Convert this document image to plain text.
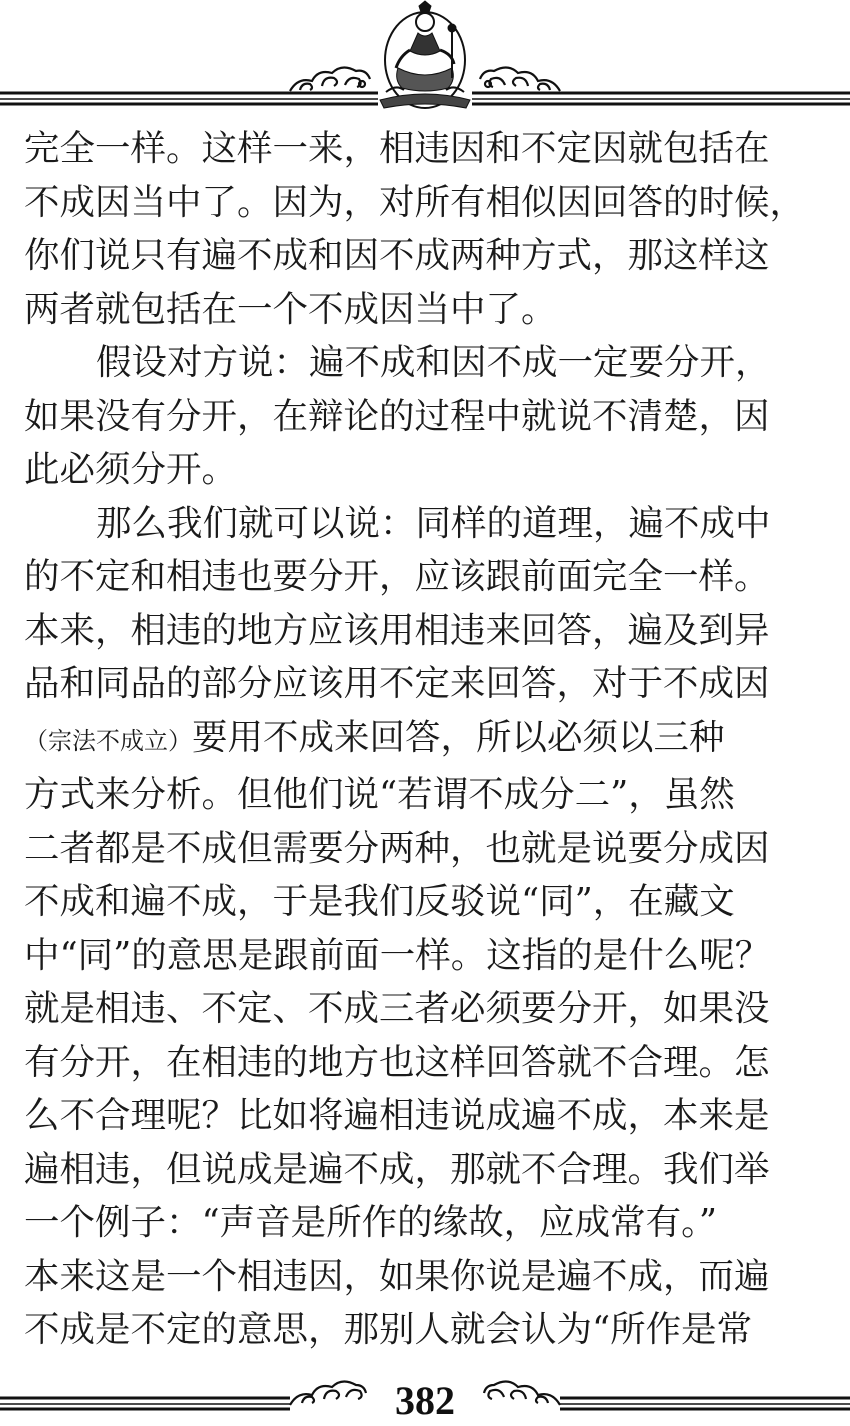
完全一样。这样一来，相违因和不定因就包括在
不成因当中了。因为，对所有相似因回答的时候，
你们说只有遍不成和因不成两种方式，那这样这
两者就包括在一个不成因当中了。

假设对方说：遍不成和因不成一定要分开，
如果没有分开，在辩论的过程中就说不清楚，因
此必须分开。

那么我们就可以说：同样的道理，遍不成中
的不定和相违也要分开，应该跟前面完全一样。
本来，相违的地方应该用相违来回答，遍及到异
品和同品的部分应该用不定来回答，对于不成因
（宗法不成立）要用不成来回答，所以必须以三种
方式来分析。但他们说“若谓不成分二”，虽然
二者都是不成但需要分两种，也就是说要分成因
不成和遍不成，于是我们反驳说“同”，在藏文
中“同”的意思是跟前面一样。这指的是什么呢？
就是相违、不定、不成三者必须要分开，如果没
有分开，在相违的地方也这样回答就不合理。怎
么不合理呢？比如将遍相违说成遍不成，本来是
遍相违，但说成是遍不成，那就不合理。我们举
一个例子：“声音是所作的缘故，应成常有。”
本来这是一个相违因，如果你说是遍不成，而遍
不成是不定的意思，那别人就会认为“所作是常

382
